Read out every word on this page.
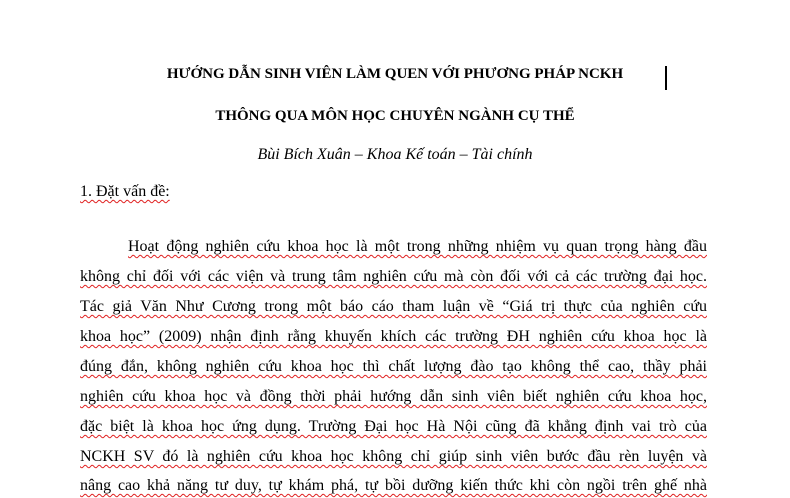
HƯỚNG DẪN SINH VIÊN LÀM QUEN VỚI PHƯƠNG PHÁP NCKH
THÔNG QUA MÔN HỌC CHUYÊN NGÀNH CỤ THỂ
Bùi Bích Xuân – Khoa Kế toán – Tài chính
1. Đặt vấn đề:
Hoạt động nghiên cứu khoa học là một trong những nhiệm vụ quan trọng hàng đầu
không chỉ đối với các viện và trung tâm nghiên cứu mà còn đối với cả các trường đại học.
Tác giả Văn Như Cương trong một báo cáo tham luận về “Giá trị thực của nghiên cứu
khoa học” (2009) nhận định rằng khuyến khích các trường ĐH nghiên cứu khoa học là
đúng đắn, không nghiên cứu khoa học thì chất lượng đào tạo không thể cao, thầy phải
nghiên cứu khoa học và đồng thời phải hướng dẫn sinh viên biết nghiên cứu khoa học,
đặc biệt là khoa học ứng dụng. Trường Đại học Hà Nội cũng đã khẳng định vai trò của
NCKH SV đó là nghiên cứu khoa học không chỉ giúp sinh viên bước đầu rèn luyện và
nâng cao khả năng tư duy, tự khám phá, tự bồi dưỡng kiến thức khi còn ngồi trên ghế nhà
